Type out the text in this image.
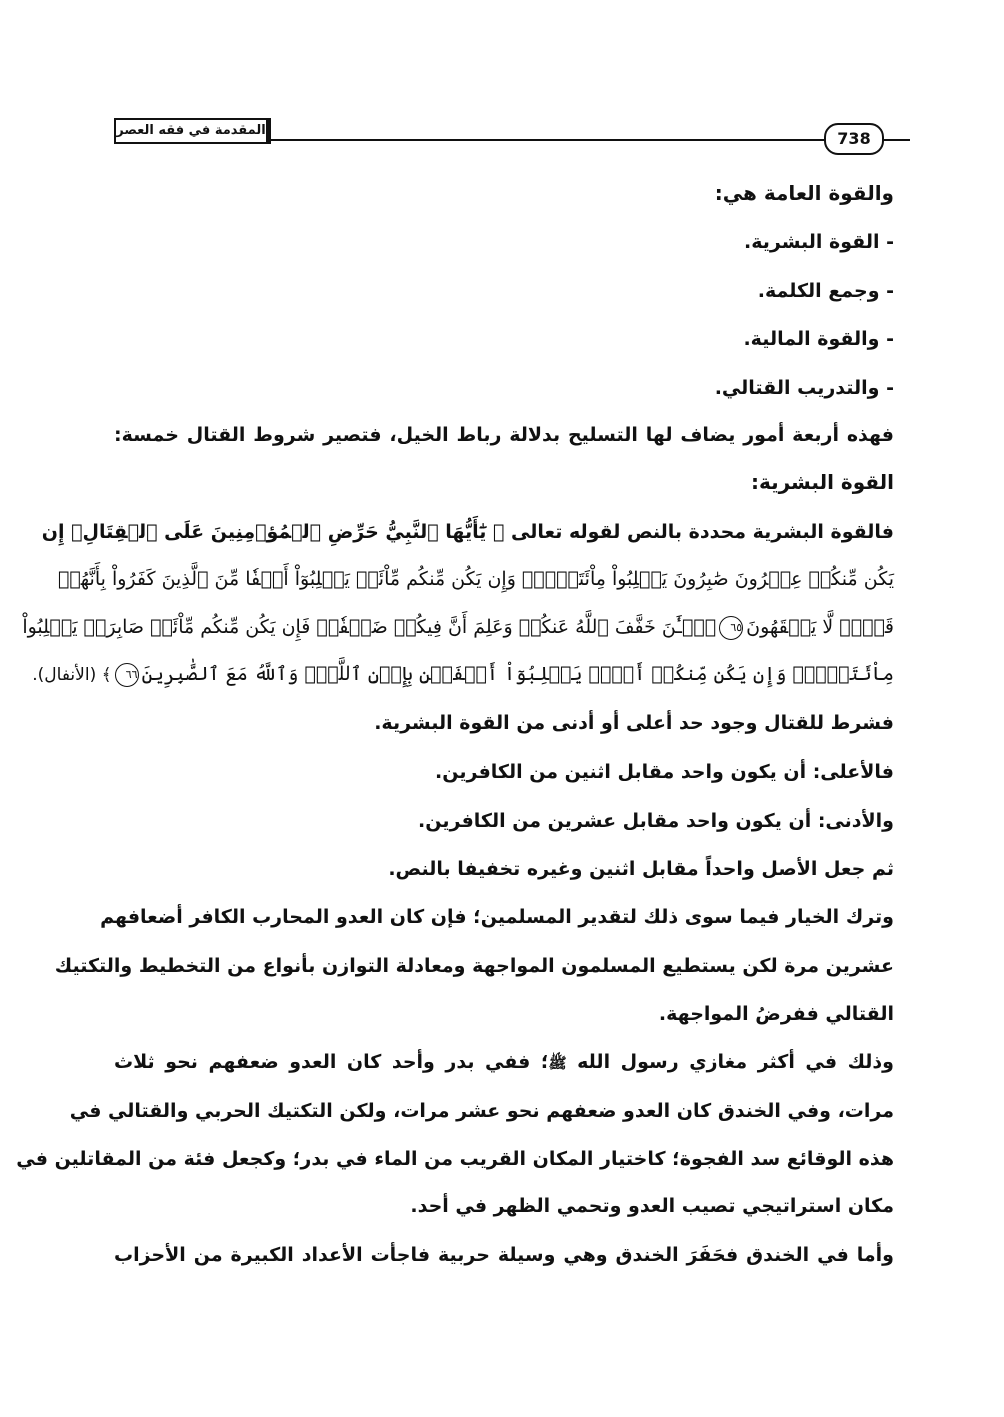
المقدمة في فقه العصر	738
والقوة العامة هي:
- القوة البشرية.
- وجمع الكلمة.
- والقوة المالية.
- والتدريب القتالي.
فهذه أربعة أمور يضاف لها التسليح بدلالة رباط الخيل، فتصير شروط القتال خمسة:
القوة البشرية:
فالقوة البشرية محددة بالنص لقوله تعالى ﴿ يَٰٓأَيُّهَا ٱلنَّبِيُّ حَرِّضِ ٱلۡمُؤۡمِنِينَ عَلَى ٱلۡقِتَالِۚ إِن
يَكُن مِّنكُمۡ عِشۡرُونَ صَٰبِرُونَ يَغۡلِبُواْ مِاْئَتَيۡنِۚ وَإِن يَكُن مِّنكُم مِّاْئَةٞ يَغۡلِبُوٓاْ أَلۡفٗا مِّنَ ٱلَّذِينَ كَفَرُواْ بِأَنَّهُمۡ
قَوۡمٞ لَّا يَفۡقَهُونَ٦٥ٱلۡـَٰٔنَ خَفَّفَ ٱللَّهُ عَنكُمۡ وَعَلِمَ أَنَّ فِيكُمۡ ضَعۡفٗاۚ فَإِن يَكُن مِّنكُم مِّاْئَةٞ صَابِرَةٞ يَغۡلِبُواْ
مِاْئَتَيۡنِۚ وَإِن يَكُن مِّنكُمۡ أَلۡفٞ يَغۡلِبُوٓاْ أَلۡفَيۡنِ بِإِذۡنِ ٱللَّهِۗ وَٱللَّهُ مَعَ ٱلصَّٰبِرِينَ٦٦﴾ (الأنفال).
فشرط للقتال وجود حد أعلى أو أدنى من القوة البشرية.
فالأعلى: أن يكون واحد مقابل اثنين من الكافرين.
والأدنى: أن يكون واحد مقابل عشرين من الكافرين.
ثم جعل الأصل واحداً مقابل اثنين وغيره تخفيفا بالنص.
وترك الخيار فيما سوى ذلك لتقدير المسلمين؛ فإن كان العدو المحارب الكافر أضعافهم
عشرين مرة لكن يستطيع المسلمون المواجهة ومعادلة التوازن بأنواع من التخطيط والتكتيك
القتالي ففرضُ المواجهة.
وذلك في أكثر مغازي رسول الله ﷺ؛ ففي بدر وأحد كان العدو ضعفهم نحو ثلاث
مرات، وفي الخندق كان العدو ضعفهم نحو عشر مرات، ولكن التكتيك الحربي والقتالي في
هذه الوقائع سد الفجوة؛ كاختيار المكان القريب من الماء في بدر؛ وكجعل فئة من المقاتلين في
مكان استراتيجي تصيب العدو وتحمي الظهر في أحد.
وأما في الخندق فحَفَرَ الخندق وهي وسيلة حربية فاجأت الأعداد الكبيرة من الأحزاب
